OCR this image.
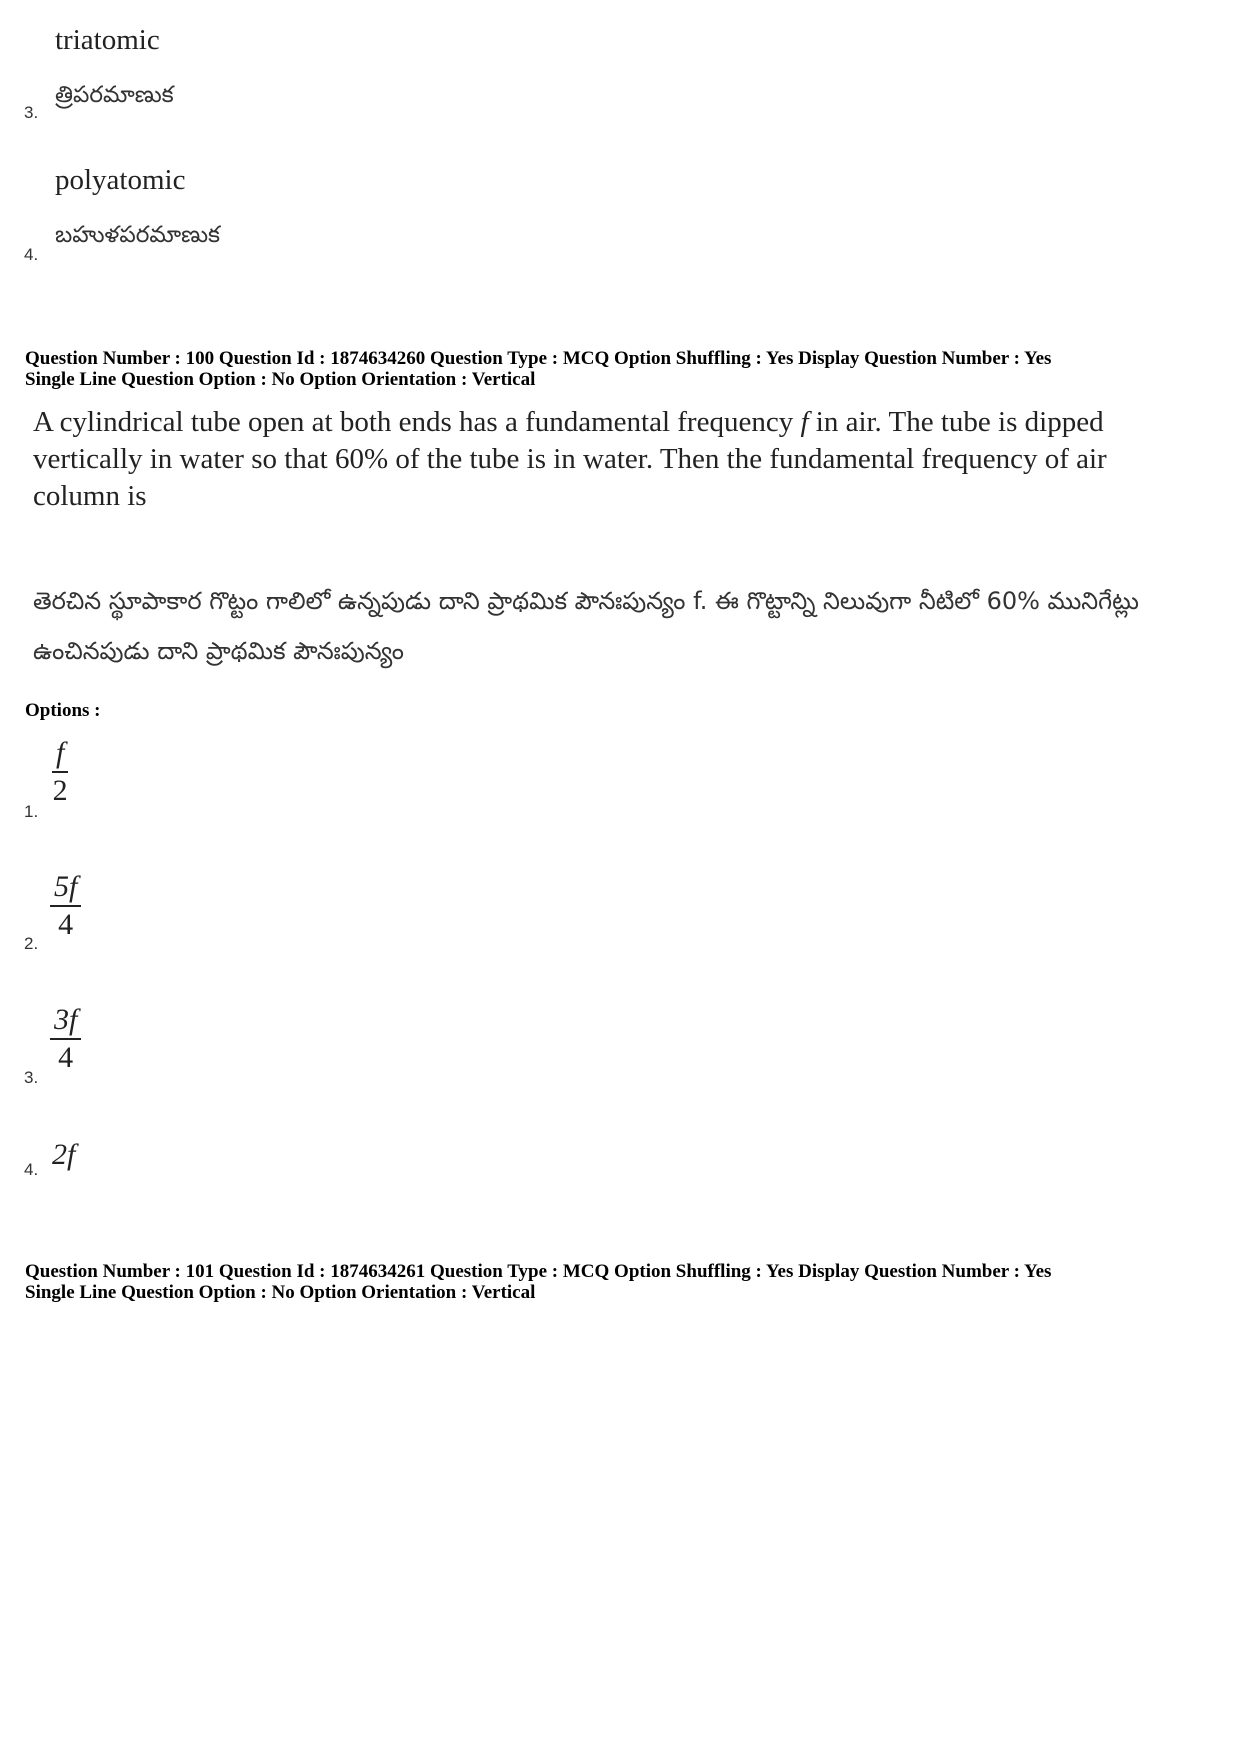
triatomic
త్రిపరమాణుక
3.
polyatomic
బహుళపరమాణుక
4.
Question Number : 100 Question Id : 1874634260 Question Type : MCQ Option Shuffling : Yes Display Question Number : Yes
Single Line Question Option : No Option Orientation : Vertical
A cylindrical tube open at both ends has a fundamental frequency f in air. The tube is dipped vertically in water so that 60% of the tube is in water. Then the fundamental frequency of air column is
తెరచిన స్థూపాకార గొట్టం గాలిలో ఉన్నపుడు దాని ప్రాథమిక పౌనఃపున్యం f. ఈ గొట్టాన్ని నిలువుగా నీటిలో 60% మునిగేట్లు ఉంచినపుడు దాని ప్రాథమిక పౌనఃపున్యం
Options :
$\frac{f}{2}$
1.
$\frac{5f}{4}$
2.
$\frac{3f}{4}$
3.
2f
4.
Question Number : 101 Question Id : 1874634261 Question Type : MCQ Option Shuffling : Yes Display Question Number : Yes
Single Line Question Option : No Option Orientation : Vertical
